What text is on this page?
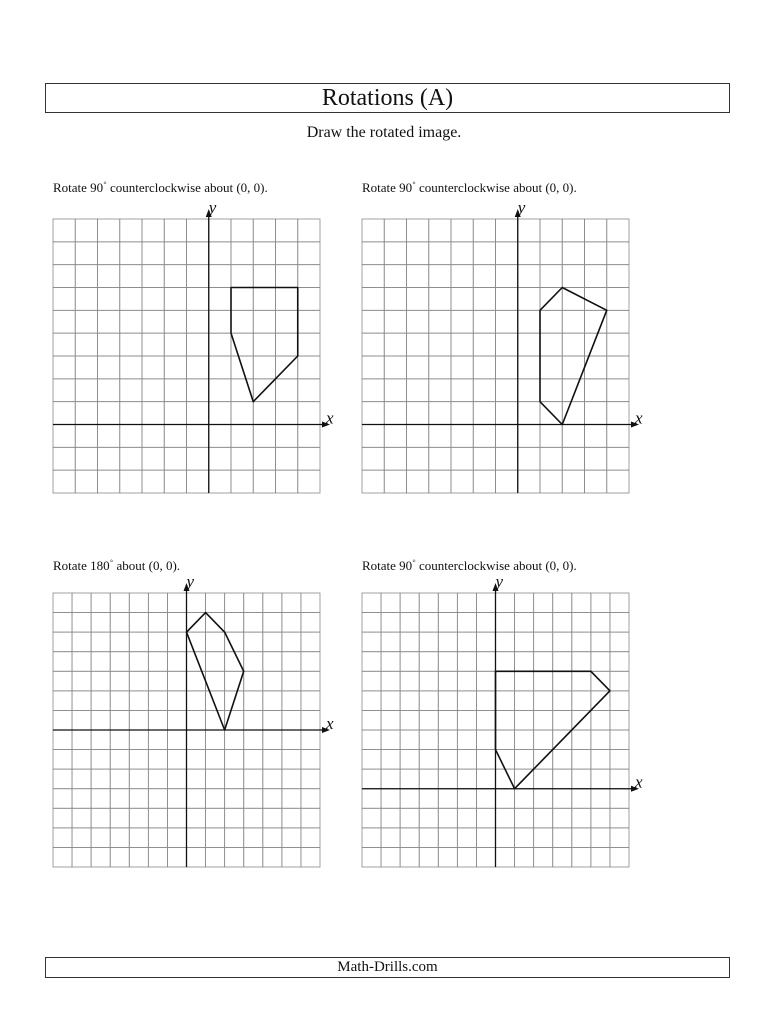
Rotations (A)
Draw the rotated image.
Rotate 90◦ counterclockwise about (0, 0).
x
y
Rotate 90◦ counterclockwise about (0, 0).
x
y
Rotate 180◦ about (0, 0).
x
y
Rotate 90◦ counterclockwise about (0, 0).
x
y
Math-Drills.com
